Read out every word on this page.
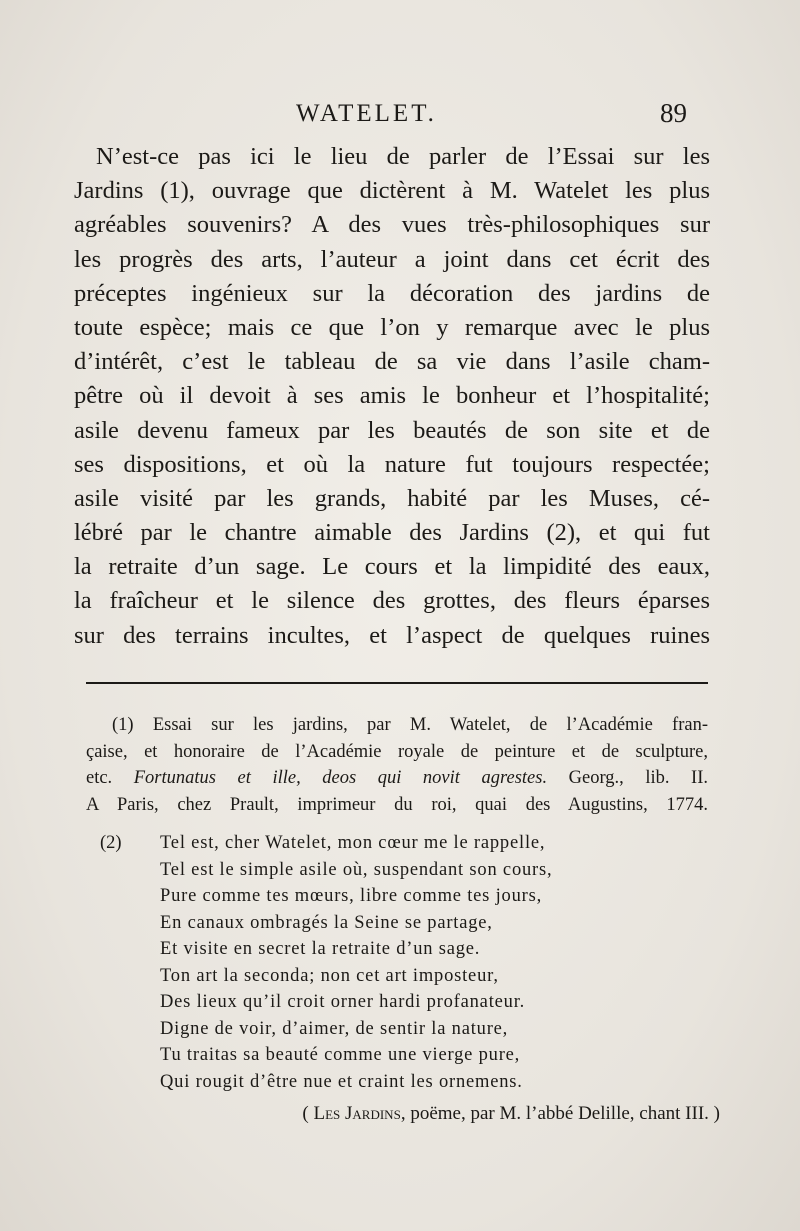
WATELET.	89
N’est-ce pas ici le lieu de parler de l’Essai sur les
Jardins (1), ouvrage que dictèrent à M. Watelet les plus
agréables souvenirs? A des vues très-philosophiques sur
les progrès des arts, l’auteur a joint dans cet écrit des
préceptes ingénieux sur la décoration des jardins de
toute espèce; mais ce que l’on y remarque avec le plus
d’intérêt, c’est le tableau de sa vie dans l’asile cham-
pêtre où il devoit à ses amis le bonheur et l’hospitalité;
asile devenu fameux par les beautés de son site et de
ses dispositions, et où la nature fut toujours respectée;
asile visité par les grands, habité par les Muses, cé-
lébré par le chantre aimable des Jardins (2), et qui fut
la retraite d’un sage. Le cours et la limpidité des eaux,
la fraîcheur et le silence des grottes, des fleurs éparses
sur des terrains incultes, et l’aspect de quelques ruines
(1) Essai sur les jardins, par M. Watelet, de l’Académie fran-
çaise, et honoraire de l’Académie royale de peinture et de sculpture,
etc. Fortunatus et ille, deos qui novit agrestes. Georg., lib. II.
A Paris, chez Prault, imprimeur du roi, quai des Augustins, 1774.
(2) Tel est, cher Watelet, mon cœur me le rappelle,
Tel est le simple asile où, suspendant son cours,
Pure comme tes mœurs, libre comme tes jours,
En canaux ombragés la Seine se partage,
Et visite en secret la retraite d’un sage.
Ton art la seconda; non cet art imposteur,
Des lieux qu’il croit orner hardi profanateur.
Digne de voir, d’aimer, de sentir la nature,
Tu traitas sa beauté comme une vierge pure,
Qui rougit d’être nue et craint les ornemens.
( Les Jardins, poëme, par M. l’abbé Delille, chant III. )
